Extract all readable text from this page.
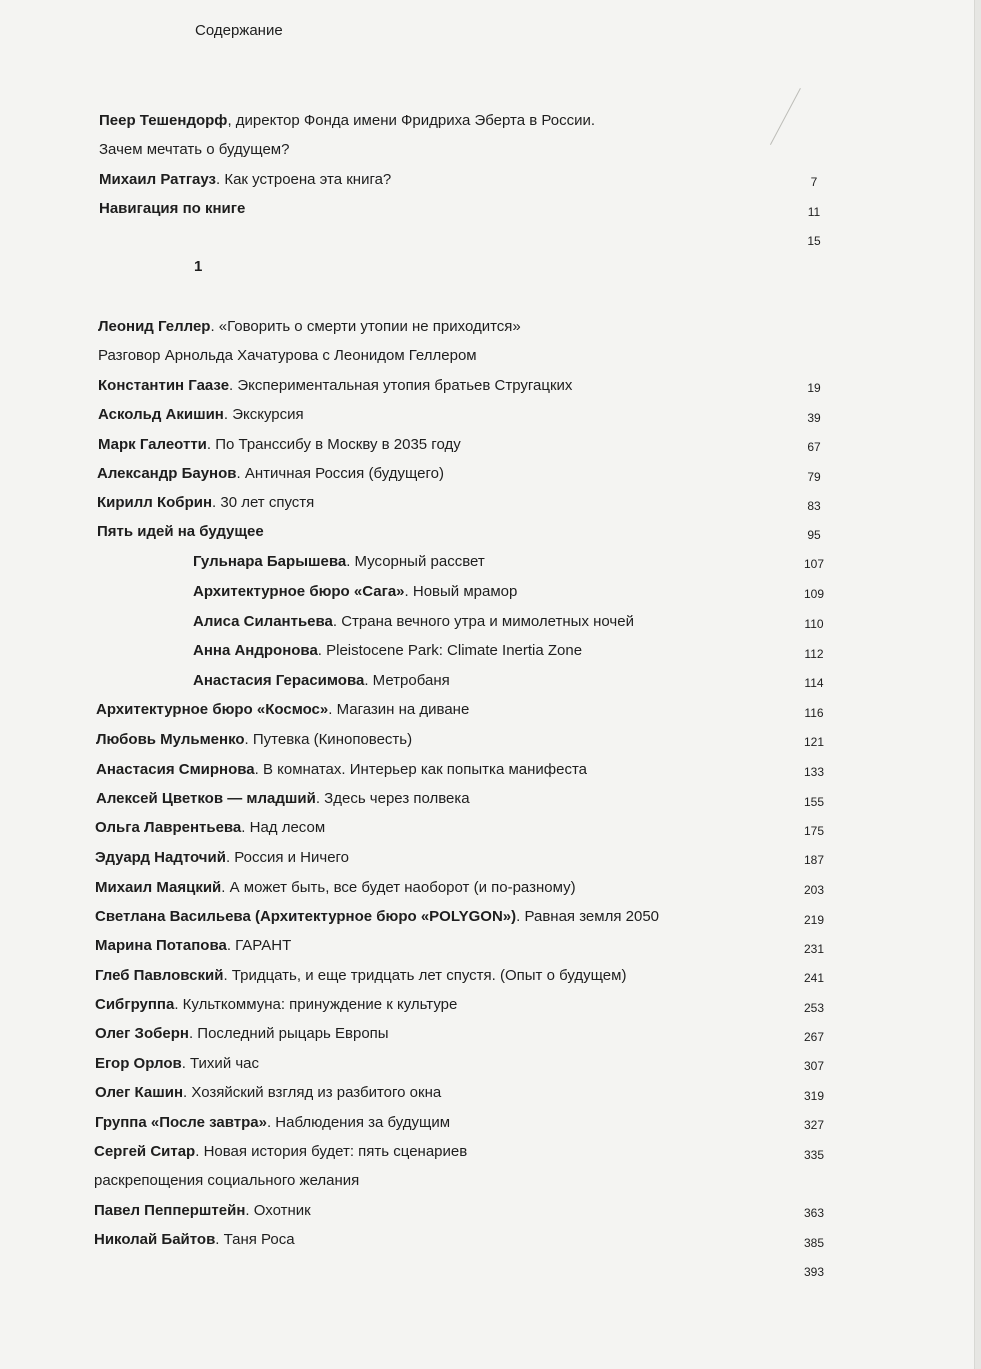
Содержание
1
Пеер Тешендорф, директор Фонда имени Фридриха Эберта в России.
Зачем мечтать о будущем?
7
Михаил Ратгауз. Как устроена эта книга?
11
Навигация по книге
15
Леонид Геллер. «Говорить о смерти утопии не приходится»
Разговор Арнольда Хачатурова с Леонидом Геллером
19
Константин Гаазе. Экспериментальная утопия братьев Стругацких
39
Аскольд Акишин. Экскурсия
67
Марк Галеотти. По Транссибу в Москву в 2035 году
79
Александр Баунов. Античная Россия (будущего)
83
Кирилл Кобрин. 30 лет спустя
95
Пять идей на будущее
107
Гульнара Барышева. Мусорный рассвет
109
Архитектурное бюро «Сага». Новый мрамор
110
Алиса Силантьева. Страна вечного утра и мимолетных ночей
112
Анна Андронова. Pleistocene Park: Climate Inertia Zone
114
Анастасия Герасимова. Метробаня
116
Архитектурное бюро «Космос». Магазин на диване
121
Любовь Мульменко. Путевка (Киноповесть)
133
Анастасия Смирнова. В комнатах. Интерьер как попытка манифеста
155
Алексей Цветков — младший. Здесь через полвека
175
Ольга Лаврентьева. Над лесом
187
Эдуард Надточий. Россия и Ничего
203
Михаил Маяцкий. А может быть, все будет наоборот (и по-разному)
219
Светлана Васильева (Архитектурное бюро «POLYGON»). Равная земля 2050
231
Марина Потапова. ГАРАНТ
241
Глеб Павловский. Тридцать, и еще тридцать лет спустя. (Опыт о будущем)
253
Сибгруппа. Культкоммуна: принуждение к культуре
267
Олег Зоберн. Последний рыцарь Европы
307
Егор Орлов. Тихий час
319
Олег Кашин. Хозяйский взгляд из разбитого окна
327
Группа «После завтра». Наблюдения за будущим
335
Сергей Ситар. Новая история будет: пять сценариев
раскрепощения социального желания
363
Павел Пепперштейн. Охотник
385
Николай Байтов. Таня Роса
393
